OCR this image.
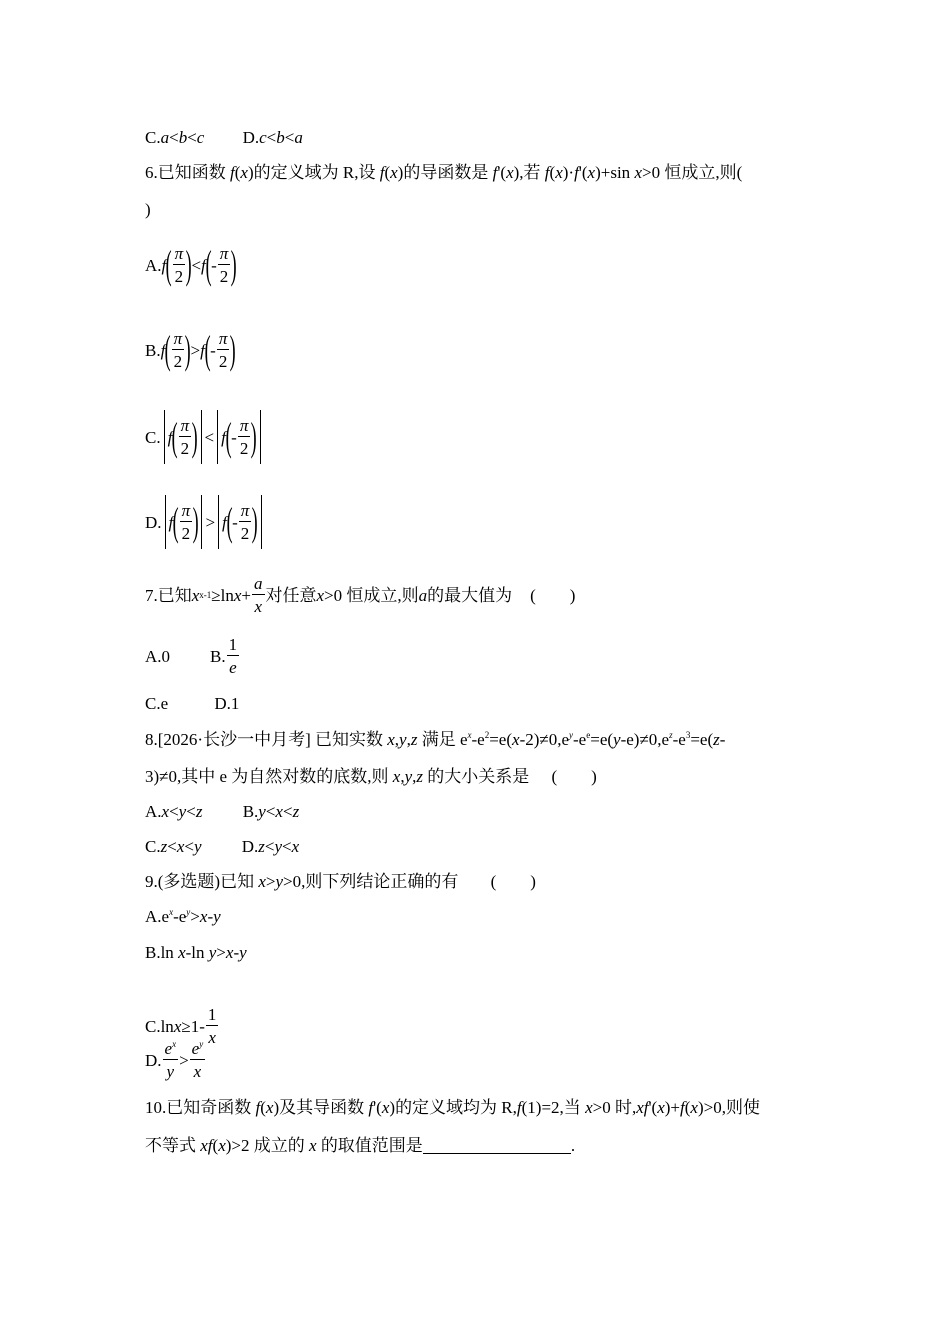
C.a<b<c D.c<b<a
6.已知函数 f(x)的定义域为 R,设 f(x)的导函数是 f'(x),若 f(x)·f'(x)+sin x>0 恒成立,则(
)
A. f ( $\frac{\pi}{2}$ ) < f ( - $\frac{\pi}{2}$ )
B. f ( $\frac{\pi}{2}$ ) > f ( - $\frac{\pi}{2}$ )
C. f ( $\frac{\pi}{2}$ ) < f ( - $\frac{\pi}{2}$ )
D. f ( $\frac{\pi}{2}$ ) > f ( - $\frac{\pi}{2}$ )
7.已知 x x-1 ≥ln $x + \frac{a}{x}$ 对任意 x >0 恒成立,则 a 的最大值为 (　　)
A.0 B. $\frac{1}{e}$
C.e	D.1
8.[2026·长沙一中月考] 已知实数 x,y,z 满足 $e^x-e^2=e(x-2)\ne 0,e^y-e^e=e(y-e)\ne 0,e^z-e^3=e(z-$
3)≠0,其中 e 为自然对数的底数,则 x,y,z 的大小关系是 (　　)
A.x<y<z B.y<x<z
C.z<x<y D.z<y<x
9.(多选题)已知 x>y>0,则下列结论正确的有 (　　)
$A.e^x-e^y>x-y$
B.ln x-ln y>x-y
C.ln $x \ge 1- \frac{1}{x}$
D. $\frac{e^x}{y} > \frac{e^y}{x}$
10.已知奇函数 f(x)及其导函数 f'(x)的定义域均为 R,f(1)=2,当 x>0 时,xf'(x)+f(x)>0,则使
不等式 xf(x)>2 成立的 x 的取值范围是	.
